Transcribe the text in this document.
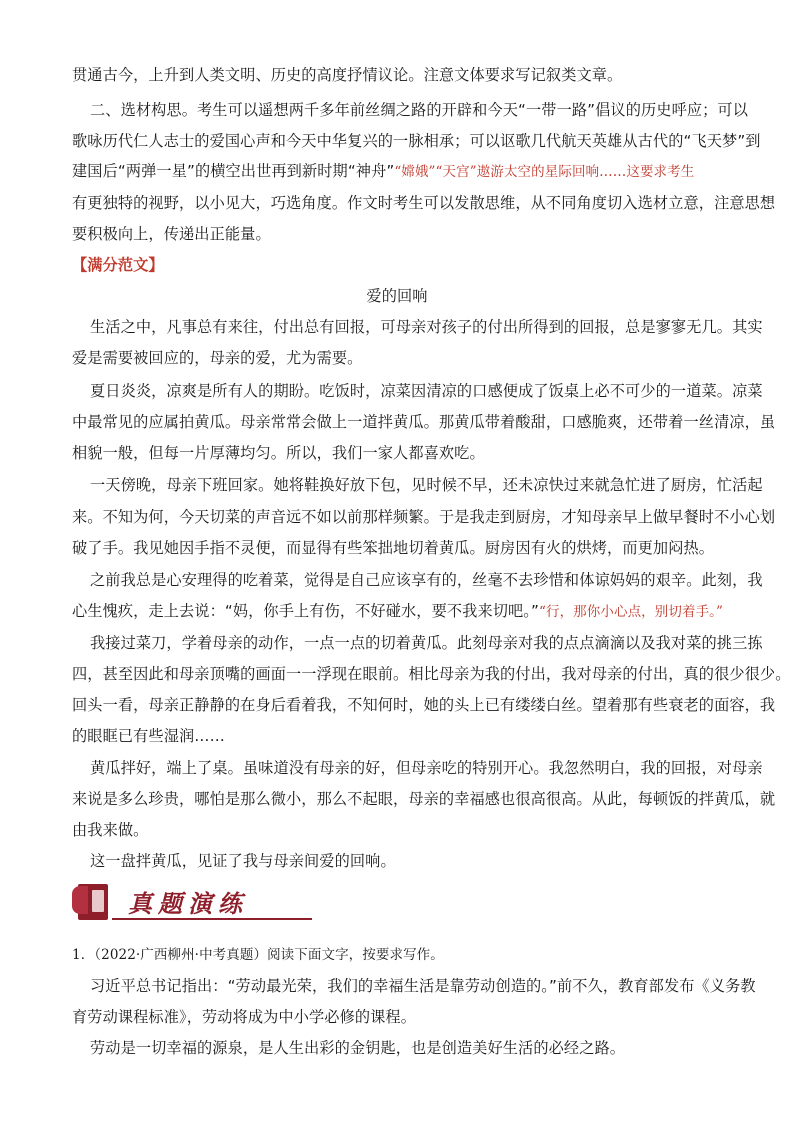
贯通古今，上升到人类文明、历史的高度抒情议论。注意文体要求写记叙类文章。
二、选材构思。考生可以遥想两千多年前丝绸之路的开辟和今天“一带一路”倡议的历史呼应；可以
歌咏历代仁人志士的爱国心声和今天中华复兴的一脉相承；可以讴歌几代航天英雄从古代的“飞天梦”到
建国后“两弹一星”的横空出世再到新时期“神舟”“嫦娥”“天宫”遨游太空的星际回响……这要求考生
有更独特的视野，以小见大，巧选角度。作文时考生可以发散思维，从不同角度切入选材立意，注意思想
要积极向上，传递出正能量。
【满分范文】
爱的回响
生活之中，凡事总有来往，付出总有回报，可母亲对孩子的付出所得到的回报，总是寥寥无几。其实
爱是需要被回应的，母亲的爱，尤为需要。
夏日炎炎，凉爽是所有人的期盼。吃饭时，凉菜因清凉的口感便成了饭桌上必不可少的一道菜。凉菜
中最常见的应属拍黄瓜。母亲常常会做上一道拌黄瓜。那黄瓜带着酸甜，口感脆爽，还带着一丝清凉，虽
相貌一般，但每一片厚薄均匀。所以，我们一家人都喜欢吃。
一天傍晚，母亲下班回家。她将鞋换好放下包，见时候不早，还未凉快过来就急忙进了厨房，忙活起
来。不知为何，今天切菜的声音远不如以前那样频繁。于是我走到厨房，才知母亲早上做早餐时不小心划
破了手。我见她因手指不灵便，而显得有些笨拙地切着黄瓜。厨房因有火的烘烤，而更加闷热。
之前我总是心安理得的吃着菜，觉得是自己应该享有的，丝毫不去珍惜和体谅妈妈的艰辛。此刻，我
心生愧疚，走上去说：“妈，你手上有伤，不好碰水，要不我来切吧。”“行，那你小心点，别切着手。”
我接过菜刀，学着母亲的动作，一点一点的切着黄瓜。此刻母亲对我的点点滴滴以及我对菜的挑三拣
四，甚至因此和母亲顶嘴的画面一一浮现在眼前。相比母亲为我的付出，我对母亲的付出，真的很少很少。
回头一看，母亲正静静的在身后看着我，不知何时，她的头上已有缕缕白丝。望着那有些衰老的面容，我
的眼眶已有些湿润……
黄瓜拌好，端上了桌。虽味道没有母亲的好，但母亲吃的特别开心。我忽然明白，我的回报，对母亲
来说是多么珍贵，哪怕是那么微小，那么不起眼，母亲的幸福感也很高很高。从此，每顿饭的拌黄瓜，就
由我来做。
这一盘拌黄瓜，见证了我与母亲间爱的回响。
真题演练
1．（2022·广西柳州·中考真题）阅读下面文字，按要求写作。
习近平总书记指出：“劳动最光荣，我们的幸福生活是靠劳动创造的。”前不久，教育部发布《义务教
育劳动课程标准》，劳动将成为中小学必修的课程。
劳动是一切幸福的源泉，是人生出彩的金钥匙，也是创造美好生活的必经之路。
